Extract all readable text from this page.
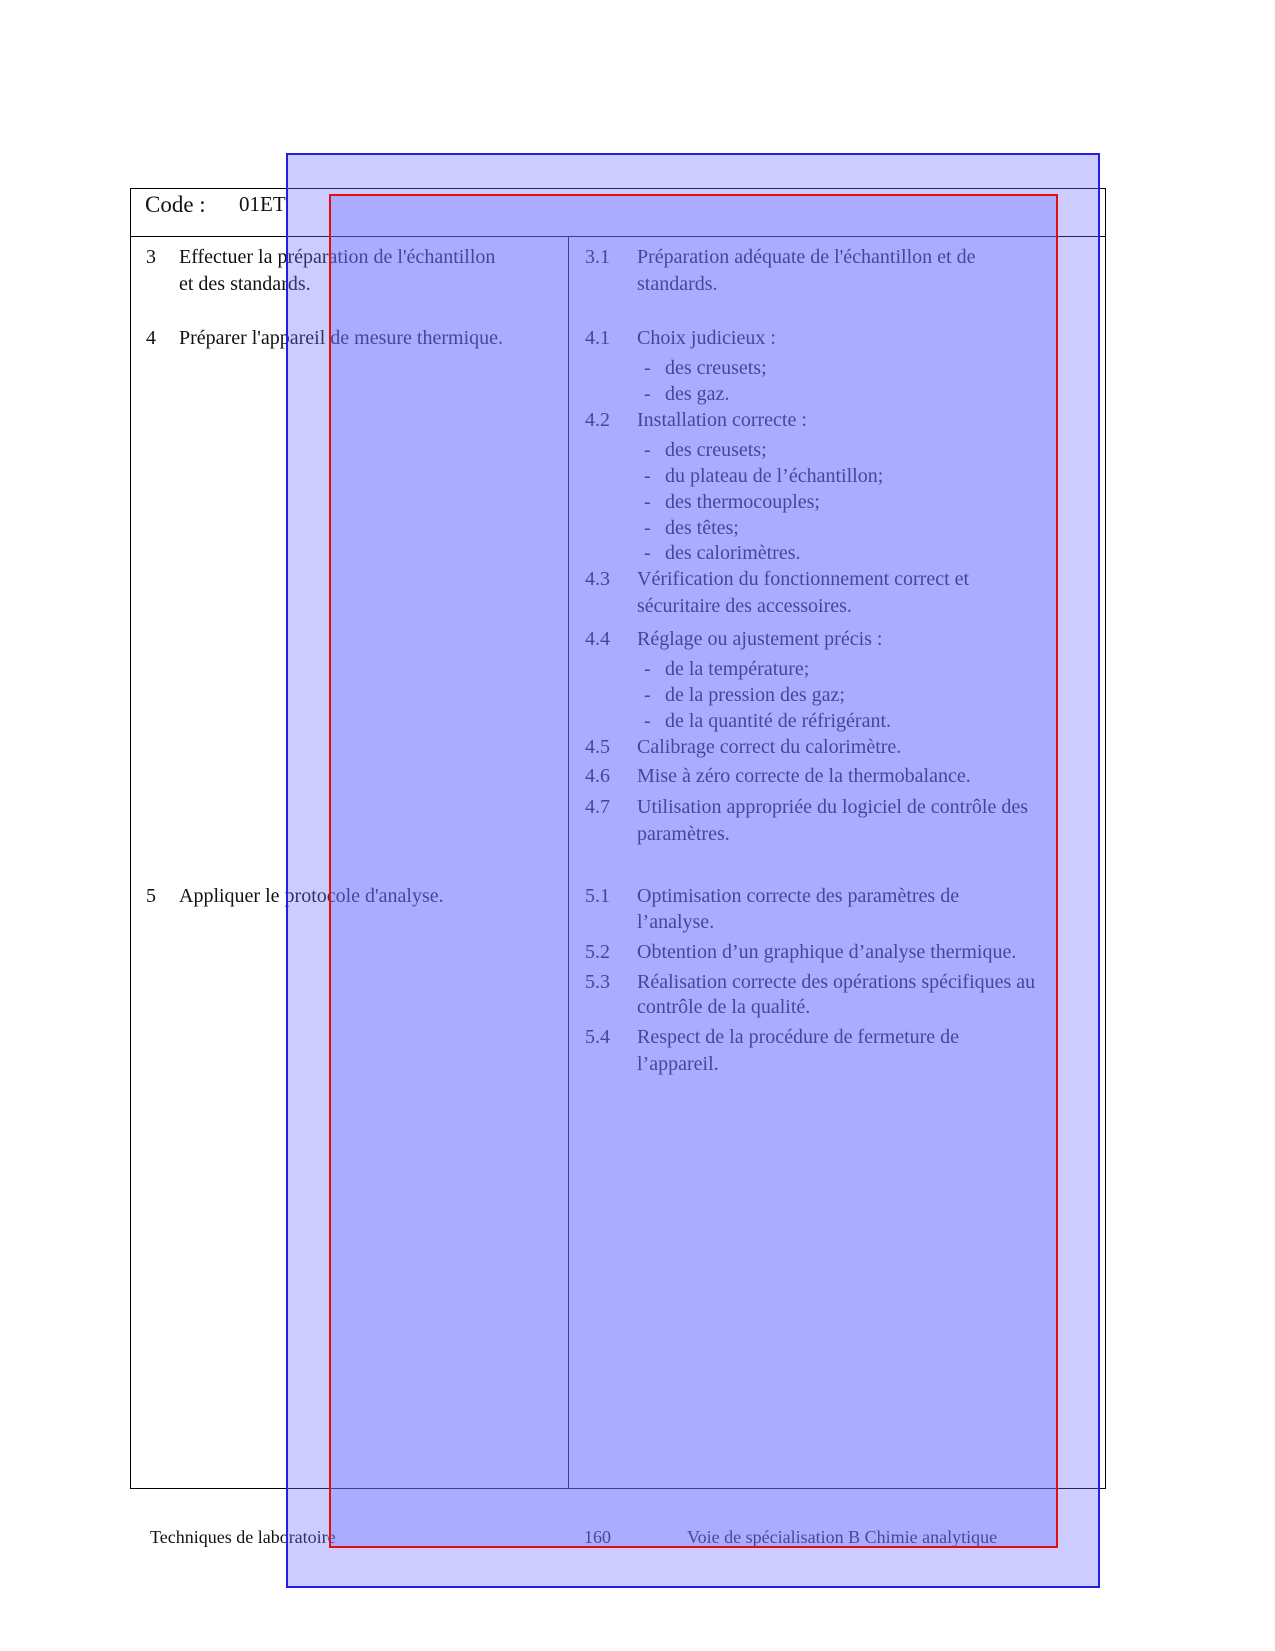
Code : 01ET
3 Effectuer la préparation de l'échantillon
et des standards.
4 Préparer l'appareil de mesure thermique.
5 Appliquer le protocole d'analyse.
3.1 Préparation adéquate de l'échantillon et de
standards.
4.1 Choix judicieux :
- des creusets;
- des gaz.
4.2 Installation correcte :
- des creusets;
- du plateau de l’échantillon;
- des thermocouples;
- des têtes;
- des calorimètres.
4.3 Vérification du fonctionnement correct et
sécuritaire des accessoires.
4.4 Réglage ou ajustement précis :
- de la température;
- de la pression des gaz;
- de la quantité de réfrigérant.
4.5 Calibrage correct du calorimètre.
4.6 Mise à zéro correcte de la thermobalance.
4.7 Utilisation appropriée du logiciel de contrôle des
paramètres.
5.1 Optimisation correcte des paramètres de
l’analyse.
5.2 Obtention d’un graphique d’analyse thermique.
5.3 Réalisation correcte des opérations spécifiques au
contrôle de la qualité.
5.4 Respect de la procédure de fermeture de
l’appareil.
Techniques de laboratoire	160	Voie de spécialisation B Chimie analytique
